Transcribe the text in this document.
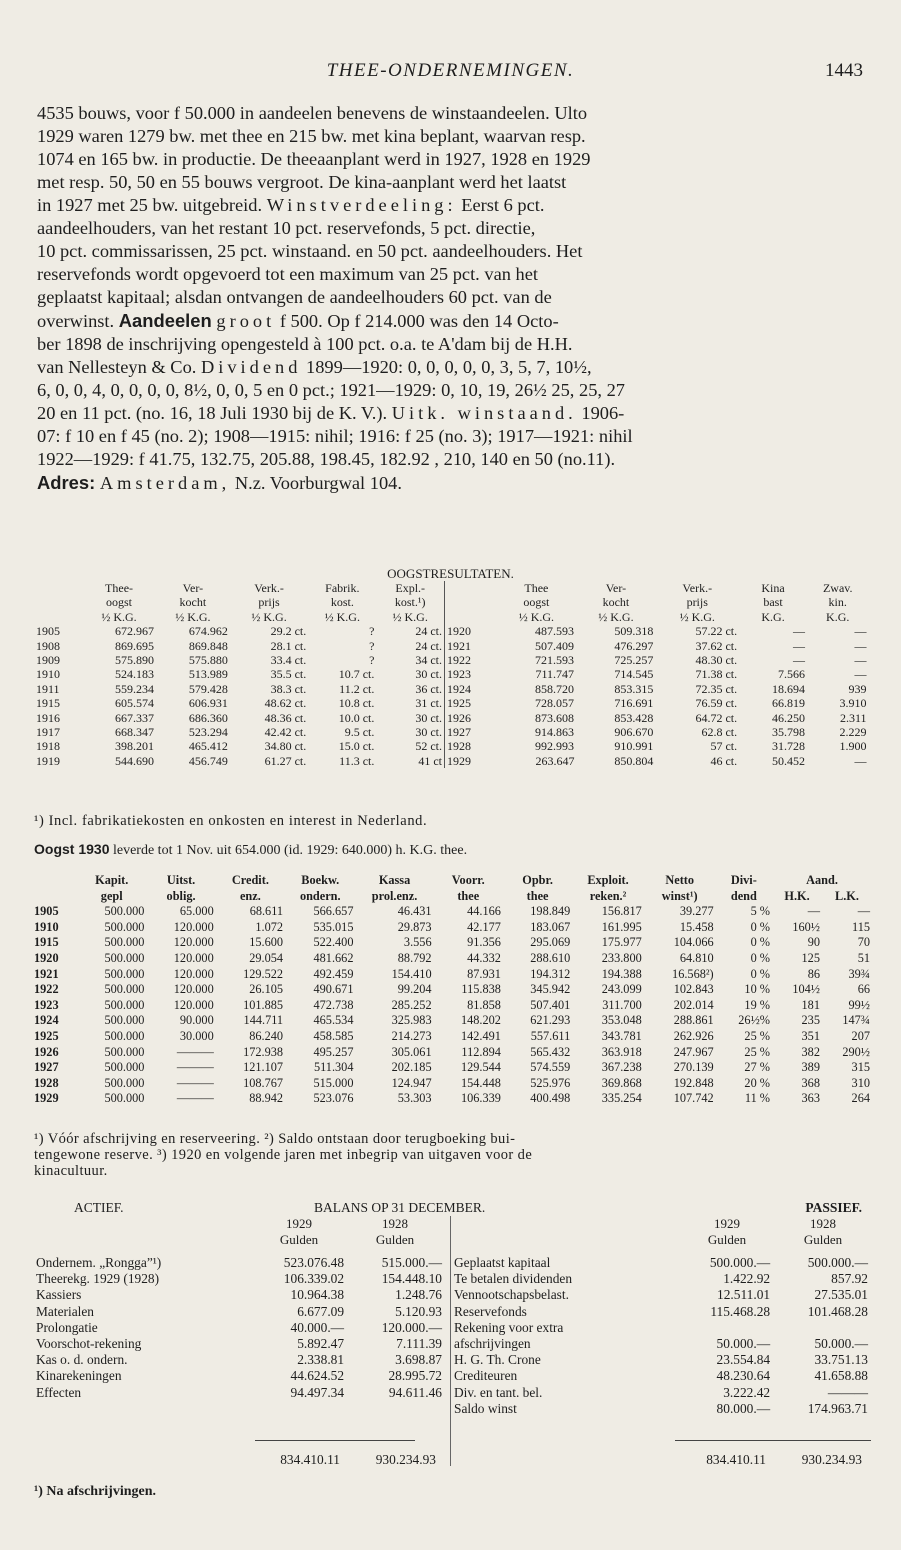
THEE-ONDERNEMINGEN.	1443

4535 bouws, voor f 50.000 in aandeelen benevens de winstaandeelen. Ulto

1929 waren 1279 bw. met thee en 215 bw. met kina beplant, waarvan resp.

1074 en 165 bw. in productie. De theeaanplant werd in 1927, 1928 en 1929

met resp. 50, 50 en 55 bouws vergroot. De kina-aanplant werd het laatst

in 1927 met 25 bw. uitgebreid. Winstverdeeling: Eerst 6 pct.

aandeelhouders, van het restant 10 pct. reservefonds, 5 pct. directie,

10 pct. commissarissen, 25 pct. winstaand. en 50 pct. aandeelhouders. Het

reservefonds wordt opgevoerd tot een maximum van 25 pct. van het

geplaatst kapitaal; alsdan ontvangen de aandeelhouders 60 pct. van de

overwinst. Aandeelen groot f 500. Op f 214.000 was den 14 Octo-

ber 1898 de inschrijving opengesteld à 100 pct. o.a. te A'dam bij de H.H.

van Nellesteyn & Co. Dividend 1899—1920: 0, 0, 0, 0, 0, 3, 5, 7, 10½,

6, 0, 0, 4, 0, 0, 0, 0, 8½, 0, 0, 5 en 0 pct.; 1921—1929: 0, 10, 19, 26½ 25, 25, 27

20 en 11 pct. (no. 16, 18 Juli 1930 bij de K. V.). Uitk. winstaand. 1906-

07: f 10 en f 45 (no. 2); 1908—1915: nihil; 1916: f 25 (no. 3); 1917—1921: nihil

1922—1929: f 41.75, 132.75, 205.88, 198.45, 182.92 , 210, 140 en 50 (no.11).

Adres: Amsterdam, N.z. Voorburgwal 104.

OOGSTRESULTATEN.
	Thee-	Ver-	Verk.-	Fabrik.	Expl.-
	oogst	kocht	prijs	kost.	kost.¹)
	½ K.G.	½ K.G.	½ K.G.	½ K.G.	½ K.G.
1905	672.967	674.962	29.2 ct.	?	24 ct.
1908	869.695	869.848	28.1 ct.	?	24 ct.
1909	575.890	575.880	33.4 ct.	?	34 ct.
1910	524.183	513.989	35.5 ct.	10.7 ct.	30 ct.
1911	559.234	579.428	38.3 ct.	11.2 ct.	36 ct.
1915	605.574	606.931	48.62 ct.	10.8 ct.	31 ct.
1916	667.337	686.360	48.36 ct.	10.0 ct.	30 ct.
1917	668.347	523.294	42.42 ct.	9.5 ct.	30 ct.
1918	398.201	465.412	34.80 ct.	15.0 ct.	52 ct.
1919	544.690	456.749	61.27 ct.	11.3 ct.	41 ct
	Thee	Ver-	Verk.-	Kina	Zwav.
	oogst	kocht	prijs	bast	kin.
	½ K.G.	½ K.G.	½ K.G.	K.G.	K.G.
1920	487.593	509.318	57.22 ct.	—	—
1921	507.409	476.297	37.62 ct.	—	—
1922	721.593	725.257	48.30 ct.	—	—
1923	711.747	714.545	71.38 ct.	7.566	—
1924	858.720	853.315	72.35 ct.	18.694	939
1925	728.057	716.691	76.59 ct.	66.819	3.910
1926	873.608	853.428	64.72 ct.	46.250	2.311
1927	914.863	906.670	62.8 ct.	35.798	2.229
1928	992.993	910.991	57 ct.	31.728	1.900
1929	263.647	850.804	46 ct.	50.452	—
¹) Incl. fabrikatiekosten en onkosten en interest in Nederland.
Oogst 1930 leverde tot 1 Nov. uit 654.000 (id. 1929: 640.000) h. K.G. thee.
	Kapit.	Uitst.	Credit.	Boekw.	Kassa	Voorr.	Opbr.	Exploit.	Netto	Divi-	Aand.	
	gepl	oblig.	enz.	ondern.	prol.enz.	thee	thee	reken.²	winst¹)	dend	H.K.	L.K.
1905	500.000	65.000	68.611	566.657	46.431	44.166	198.849	156.817	39.277	5 %	—	—
1910	500.000	120.000	1.072	535.015	29.873	42.177	183.067	161.995	15.458	0 %	160½	115
1915	500.000	120.000	15.600	522.400	3.556	91.356	295.069	175.977	104.066	0 %	90	70
1920	500.000	120.000	29.054	481.662	88.792	44.332	288.610	233.800	64.810	0 %	125	51
1921	500.000	120.000	129.522	492.459	154.410	87.931	194.312	194.388	16.568²)	0 %	86	39¾
1922	500.000	120.000	26.105	490.671	99.204	115.838	345.942	243.099	102.843	10 %	104½	66
1923	500.000	120.000	101.885	472.738	285.252	81.858	507.401	311.700	202.014	19 %	181	99½
1924	500.000	90.000	144.711	465.534	325.983	148.202	621.293	353.048	288.861	26½%	235	147¾
1925	500.000	30.000	86.240	458.585	214.273	142.491	557.611	343.781	262.926	25 %	351	207
1926	500.000	———	172.938	495.257	305.061	112.894	565.432	363.918	247.967	25 %	382	290½
1927	500.000	———	121.107	511.304	202.185	129.544	574.559	367.238	270.139	27 %	389	315
1928	500.000	———	108.767	515.000	124.947	154.448	525.976	369.868	192.848	20 %	368	310
1929	500.000	———	88.942	523.076	53.303	106.339	400.498	335.254	107.742	11 %	363	264
¹) Vóór afschrijving en reserveering. ²) Saldo ontstaan door terugboeking bui-
tengewone reserve. ³) 1920 en volgende jaren met inbegrip van uitgaven voor de
kinacultuur.
ACTIEF.	BALANS OP 31 DECEMBER.	PASSIEF.
1929	1928	1929	1928
Gulden	Gulden	Gulden	Gulden
Ondernem. „Rongga”¹)	523.076.48	515.000.—
Theerekg. 1929 (1928)	106.339.02	154.448.10
Kassiers	10.964.38	1.248.76
Materialen	6.677.09	5.120.93
Prolongatie	40.000.—	120.000.—
Voorschot-rekening	5.892.47	7.111.39
Kas o. d. ondern.	2.338.81	3.698.87
Kinarekeningen	44.624.52	28.995.72
Effecten	94.497.34	94.611.46
Geplaatst kapitaal	500.000.—	500.000.—
Te betalen dividenden	1.422.92	857.92
Vennootschapsbelast.	12.511.01	27.535.01
Reservefonds	115.468.28	101.468.28
Rekening voor extra		
afschrijvingen	50.000.—	50.000.—
H. G. Th. Crone	23.554.84	33.751.13
Crediteuren	48.230.64	41.658.88
Div. en tant. bel.	3.222.42	———
Saldo winst	80.000.—	174.963.71
834.410.11	930.234.93	834.410.11	930.234.93
¹) Na afschrijvingen.
